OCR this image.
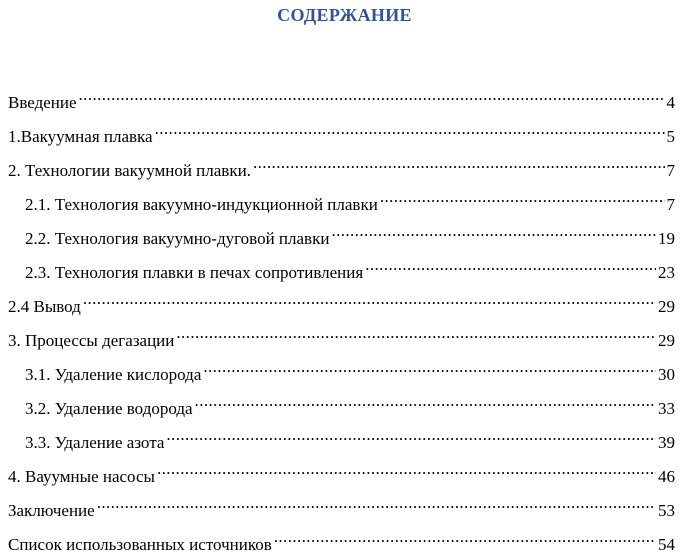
СОДЕРЖАНИЕ
Введение .....	4
1.Вакуумная плавка .....	5
2. Технологии вакуумной плавки. .....	7
2.1. Технология вакуумно-индукционной плавки .....	7
2.2. Технология вакуумно-дуговой плавки .....	19
2.3. Технология плавки в печах сопротивления .....	23
2.4 Вывод .....	29
3. Процессы дегазации .....	29
3.1. Удаление кислорода .....	30
3.2. Удаление водорода .....	33
3.3. Удаление азота .....	39
4. Вауумные насосы .....	46
Заключение .....	53
Список использованных источников .....	54
